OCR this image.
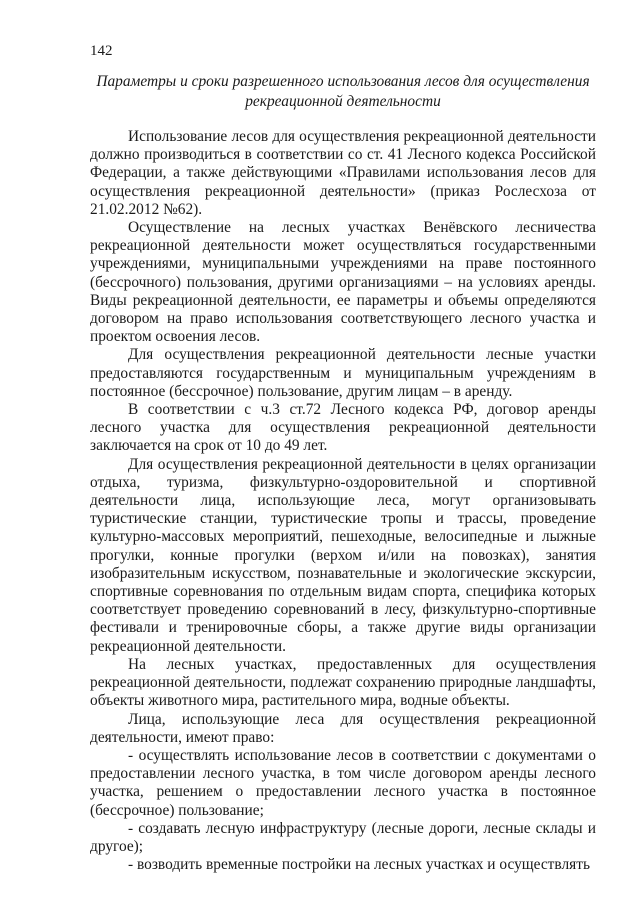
142
Параметры и сроки разрешенного использования лесов для осуществления рекреационной деятельности

Использование лесов для осуществления рекреационной деятельности должно производиться в соответствии со ст. 41 Лесного кодекса Российской Федерации, а также действующими «Правилами использования лесов для осуществления рекреационной деятельности» (приказ Рослесхоза от 21.02.2012 №62).

Осуществление на лесных участках Венёвского лесничества рекреационной деятельности может осуществляться государственными учреждениями, муниципальными учреждениями на праве постоянного (бессрочного) пользования, другими организациями – на условиях аренды. Виды рекреационной деятельности, ее параметры и объемы определяются договором на право использования соответствующего лесного участка и проектом освоения лесов.

Для осуществления рекреационной деятельности лесные участки предоставляются государственным и муниципальным учреждениям в постоянное (бессрочное) пользование, другим лицам – в аренду.

В соответствии с ч.3 ст.72 Лесного кодекса РФ, договор аренды лесного участка для осуществления рекреационной деятельности заключается на срок от 10 до 49 лет.

Для осуществления рекреационной деятельности в целях организации отдыха, туризма, физкультурно-оздоровительной и спортивной деятельности лица, использующие леса, могут организовывать туристические станции, туристические тропы и трассы, проведение культурно-массовых мероприятий, пешеходные, велосипедные и лыжные прогулки, конные прогулки (верхом и/или на повозках), занятия изобразительным искусством, познавательные и экологические экскурсии, спортивные соревнования по отдельным видам спорта, специфика которых соответствует проведению соревнований в лесу, физкультурно-спортивные фестивали и тренировочные сборы, а также другие виды организации рекреационной деятельности.

На лесных участках, предоставленных для осуществления рекреационной деятельности, подлежат сохранению природные ландшафты, объекты животного мира, растительного мира, водные объекты.

Лица, использующие леса для осуществления рекреационной деятельности, имеют право:

- осуществлять использование лесов в соответствии с документами о предоставлении лесного участка, в том числе договором аренды лесного участка, решением о предоставлении лесного участка в постоянное (бессрочное) пользование;

- создавать лесную инфраструктуру (лесные дороги, лесные склады и другое);

- возводить временные постройки на лесных участках и осуществлять
